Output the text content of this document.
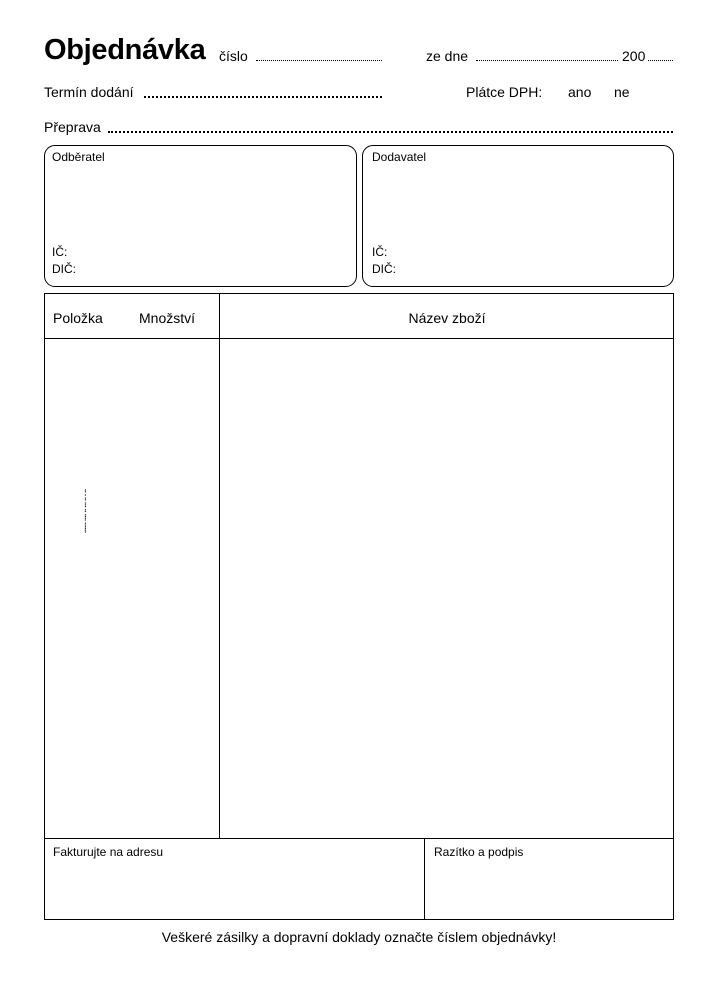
Objednávka číslo	ze dne	200
Termín dodání	Plátce DPH: ano ne
Přeprava
Odběratel
IČ:
DIČ:
Dodavatel
IČ:
DIČ:
Položka	Množství	Název zboží
Fakturujte na adresu	Razítko a podpis
Veškeré zásilky a dopravní doklady označte číslem objednávky!
▪▪▪▪▪▪ ▪▪▪▪ ▪▪ ▪▪▪ ▪▪ ▪ ▪▪
